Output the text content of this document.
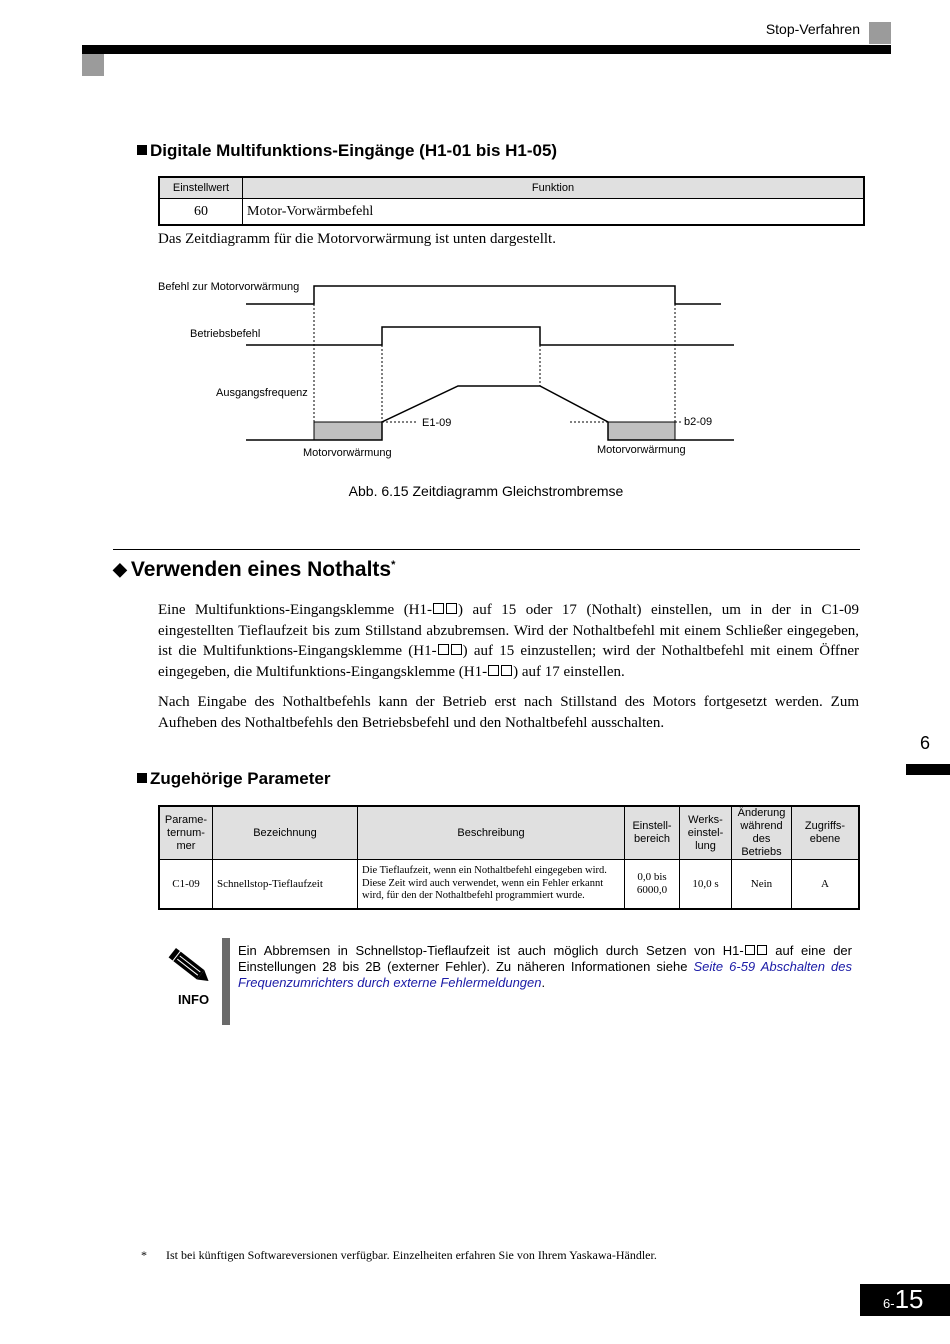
Stop-Verfahren
Digitale Multifunktions-Eingänge (H1-01 bis H1-05)
Einstellwert	Funktion
60	Motor-Vorwärmbefehl
Das Zeitdiagramm für die Motorvorwärmung ist unten dargestellt.
Befehl zur Motorvorwärmung
Betriebsbefehl
Ausgangsfrequenz
E1-09	b2-09
Motorvorwärmung	Motorvorwärmung
Abb. 6.15 Zeitdiagramm Gleichstrombremse
◆ Verwenden eines Nothalts*
Eine Multifunktions-Eingangsklemme (H1- ) auf 15 oder 17 (Nothalt) einstellen, um in der in C1-09 eingestellten Tieflaufzeit bis zum Stillstand abzubremsen. Wird der Nothaltbefehl mit einem Schließer eingegeben, ist die Multifunktions-Eingangsklemme (H1- ) auf 15 einzustellen; wird der Nothaltbefehl mit einem Öffner eingegeben, die Multifunktions-Eingangsklemme (H1- ) auf 17 einstellen.
Nach Eingabe des Nothaltbefehls kann der Betrieb erst nach Stillstand des Motors fortgesetzt werden. Zum Aufheben des Nothaltbefehls den Betriebsbefehl und den Nothaltbefehl ausschalten.
6
Zugehörige Parameter
Parame-
ternum-
mer	Bezeichnung	Beschreibung	Einstell-
bereich	Werks-
einstel-
lung	Änderung
während
des
Betriebs	Zugriffs-
ebene
C1-09	Schnellstop-Tieflaufzeit	Die Tieflaufzeit, wenn ein Nothaltbefehl eingegeben wird. Diese Zeit wird auch verwendet, wenn ein Fehler erkannt wird, für den der Nothaltbefehl programmiert wurde.	0,0 bis
6000,0	10,0 s	Nein	A
INFO
Ein Abbremsen in Schnellstop-Tieflaufzeit ist auch möglich durch Setzen von H1- auf eine der Einstellungen 28 bis 2B (externer Fehler). Zu näheren Informationen siehe Seite 6-59 Abschalten des Frequenzumrichters durch externe Fehlermeldungen.
* Ist bei künftigen Softwareversionen verfügbar. Einzelheiten erfahren Sie von Ihrem Yaskawa-Händler.
6-15
